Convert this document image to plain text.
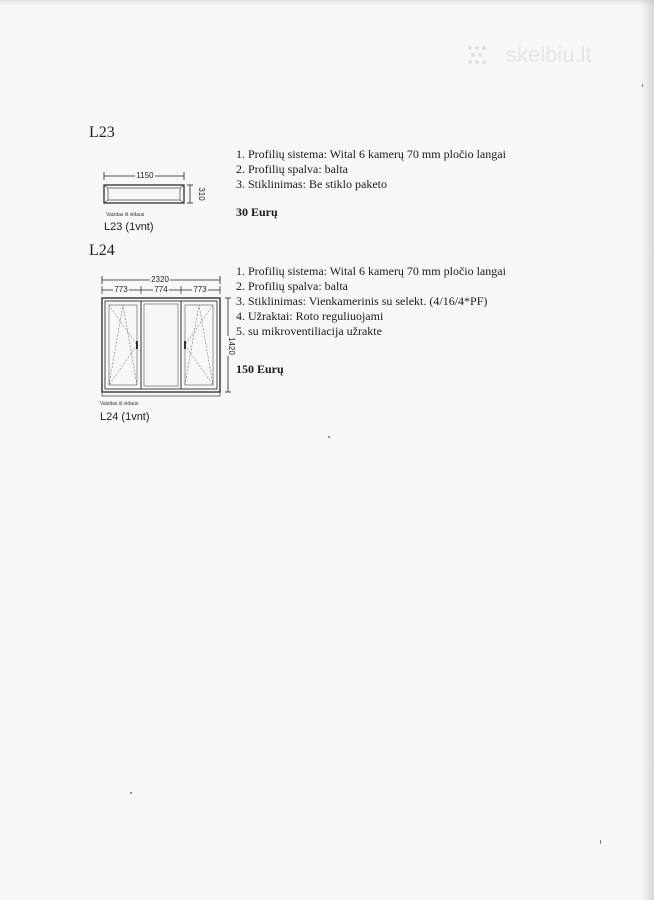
skelbiu.lt
L23
1150
310
Vaizdas iš vidaus
L23 (1vnt)
1. Profilių sistema: Wital 6 kamerų 70 mm pločio langai
2. Profilių spalva: balta
3. Stiklinimas: Be stiklo paketo
30 Eurų
L24
2320
773	774	773
1420
Vaizdas iš vidaus
L24 (1vnt)
1. Profilių sistema: Wital 6 kamerų 70 mm pločio langai
2. Profilių spalva: balta
3. Stiklinimas: Vienkamerinis su selekt. (4/16/4*PF)
4. Užraktai: Roto reguliuojami
5. su mikroventiliacija užrakte
150 Eurų
